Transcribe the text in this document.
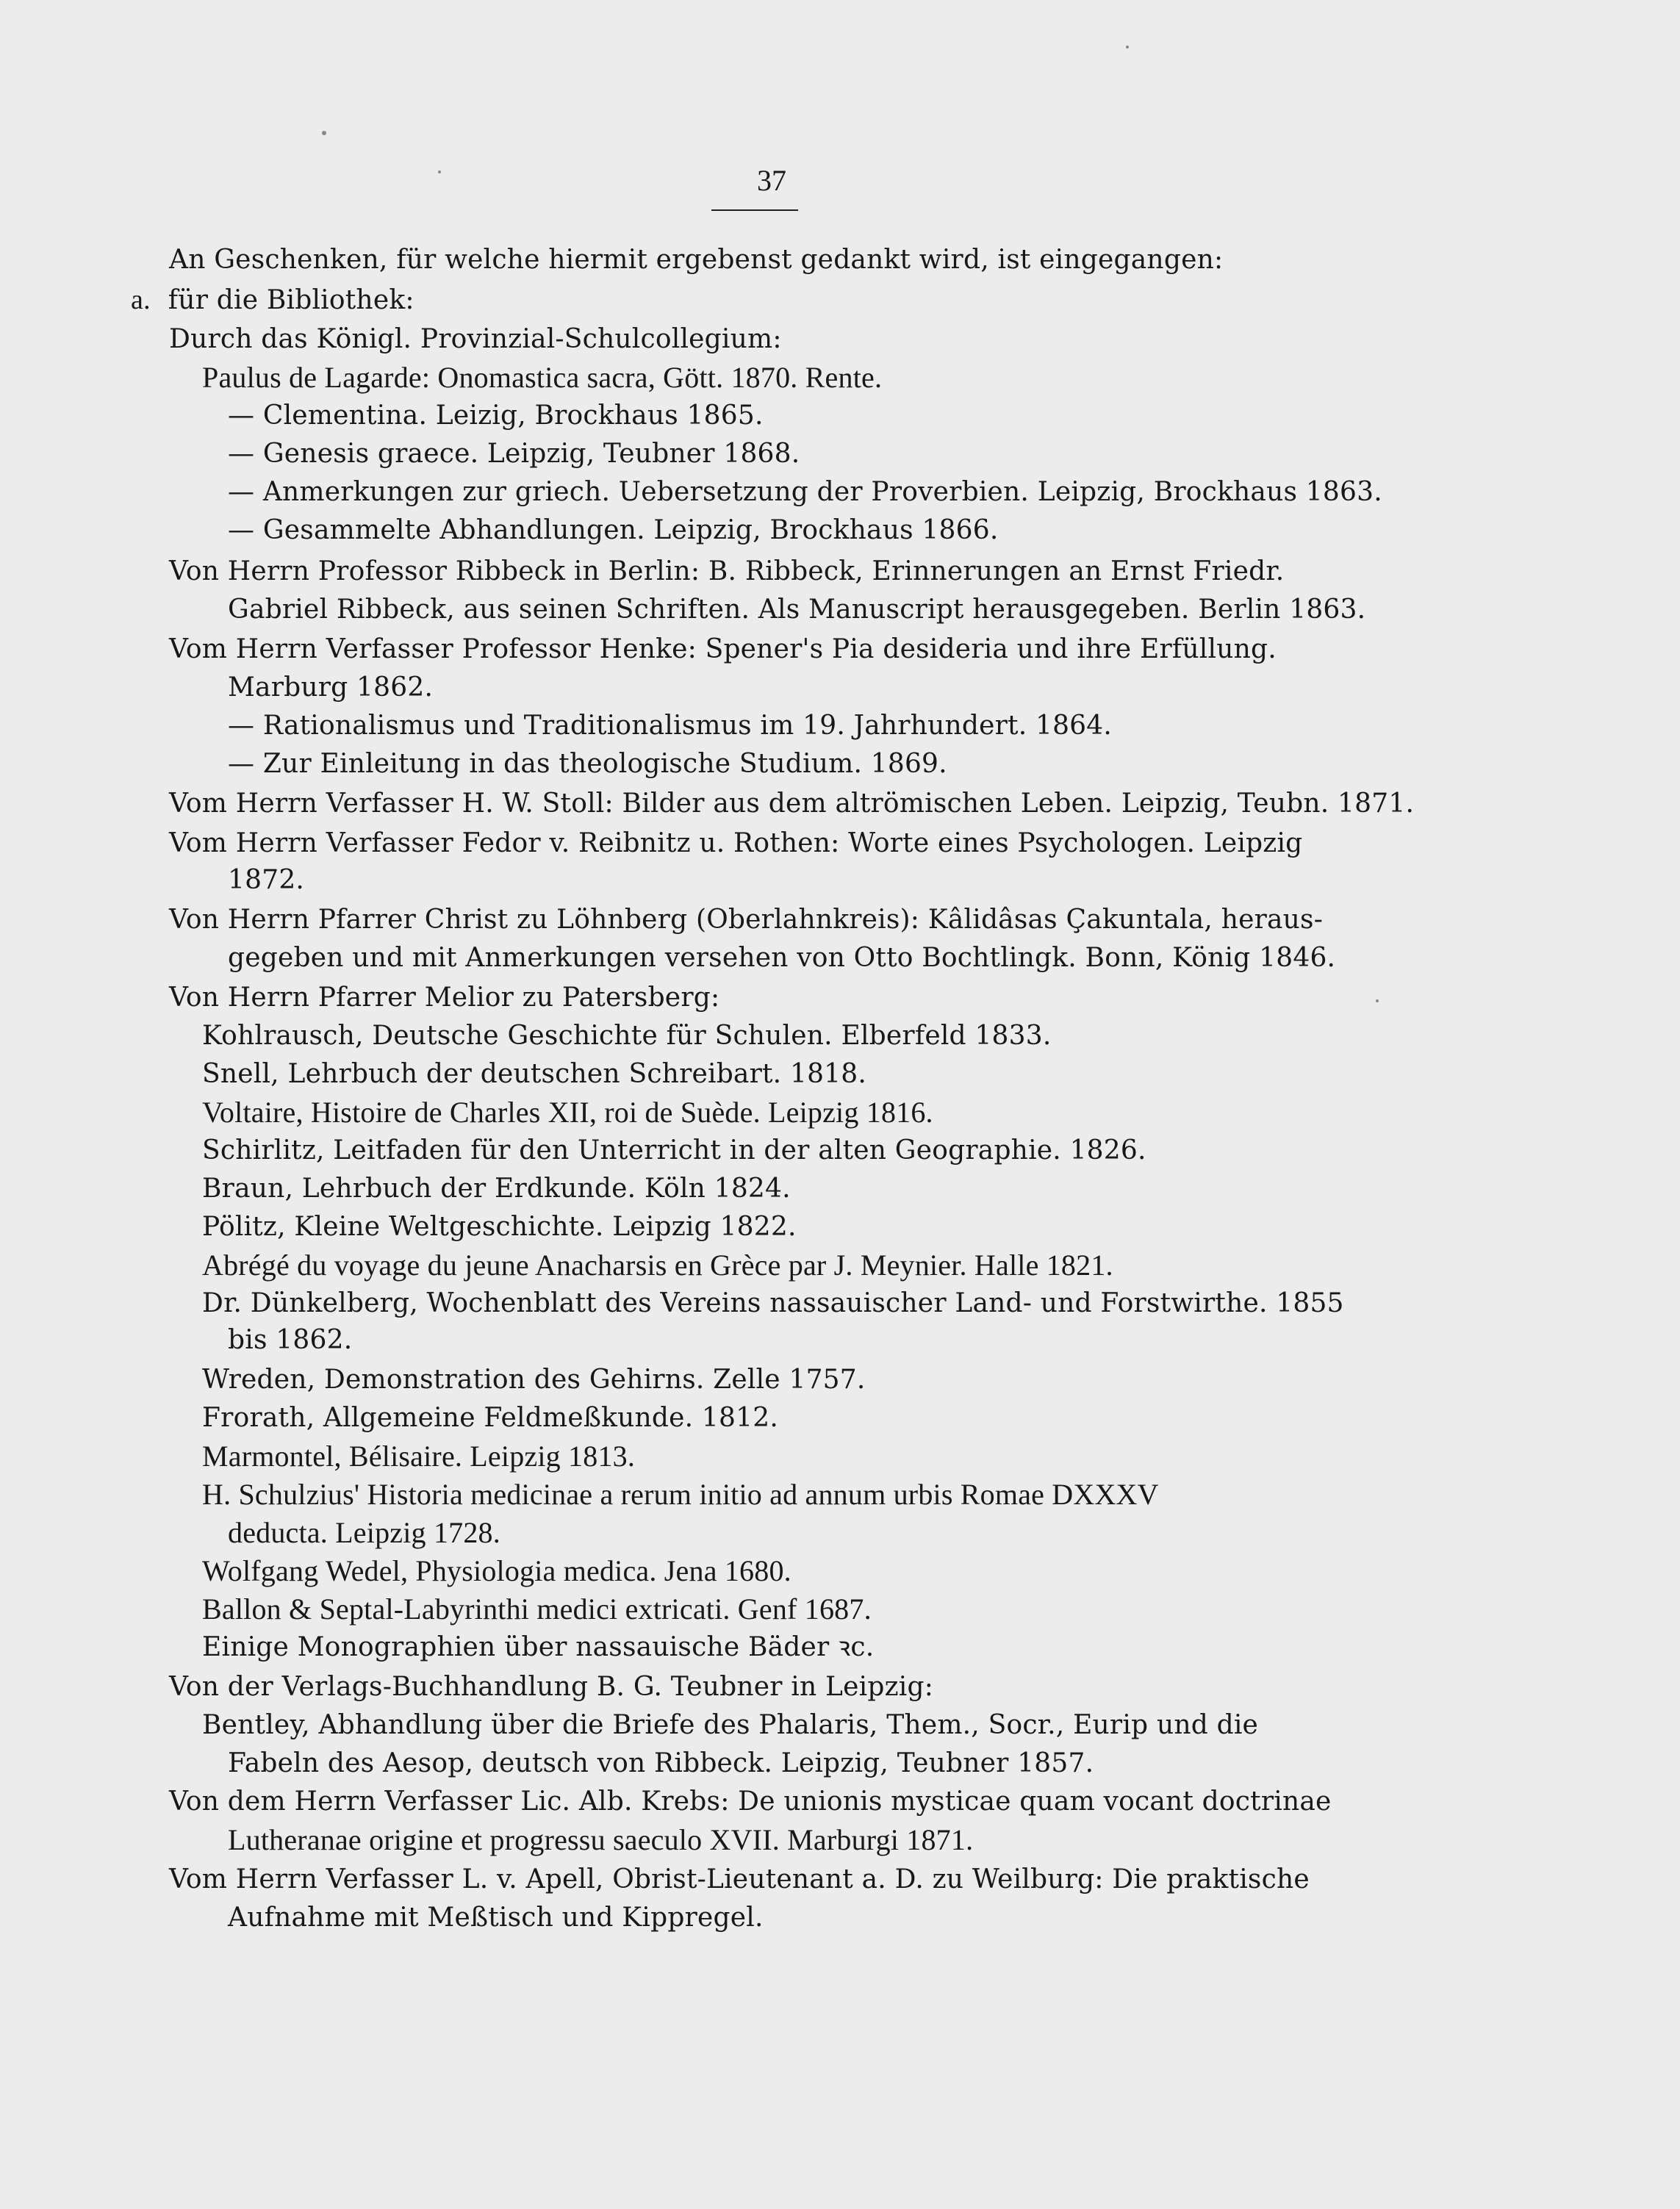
37
An Geschenken, für welche hiermit ergebenst gedankt wird, ist eingegangen:
a. für die Bibliothek:
Durch das Königl. Provinzial-Schulcollegium:
Paulus de Lagarde: Onomastica sacra, Gött. 1870. Rente.
— Clementina. Leizig, Brockhaus 1865.
— Genesis graece. Leipzig, Teubner 1868.
— Anmerkungen zur griech. Uebersetzung der Proverbien. Leipzig, Brockhaus 1863.
— Gesammelte Abhandlungen. Leipzig, Brockhaus 1866.
Von Herrn Professor Ribbeck in Berlin: B. Ribbeck, Erinnerungen an Ernst Friedr.
Gabriel Ribbeck, aus seinen Schriften. Als Manuscript herausgegeben. Berlin 1863.
Vom Herrn Verfasser Professor Henke: Spener's Pia desideria und ihre Erfüllung.
Marburg 1862.
— Rationalismus und Traditionalismus im 19. Jahrhundert. 1864.
— Zur Einleitung in das theologische Studium. 1869.
Vom Herrn Verfasser H. W. Stoll: Bilder aus dem altrömischen Leben. Leipzig, Teubn. 1871.
Vom Herrn Verfasser Fedor v. Reibnitz u. Rothen: Worte eines Psychologen. Leipzig
1872.
Von Herrn Pfarrer Christ zu Löhnberg (Oberlahnkreis): Kâlidâsas Çakuntala, heraus-
gegeben und mit Anmerkungen versehen von Otto Bochtlingk. Bonn, König 1846.
Von Herrn Pfarrer Melior zu Patersberg:
Kohlrausch, Deutsche Geschichte für Schulen. Elberfeld 1833.
Snell, Lehrbuch der deutschen Schreibart. 1818.
Voltaire, Histoire de Charles XII, roi de Suède. Leipzig 1816.
Schirlitz, Leitfaden für den Unterricht in der alten Geographie. 1826.
Braun, Lehrbuch der Erdkunde. Köln 1824.
Pölitz, Kleine Weltgeschichte. Leipzig 1822.
Abrégé du voyage du jeune Anacharsis en Grèce par J. Meynier. Halle 1821.
Dr. Dünkelberg, Wochenblatt des Vereins nassauischer Land- und Forstwirthe. 1855
bis 1862.
Wreden, Demonstration des Gehirns. Zelle 1757.
Frorath, Allgemeine Feldmeßkunde. 1812.
Marmontel, Bélisaire. Leipzig 1813.
H. Schulzius' Historia medicinae a rerum initio ad annum urbis Romae DXXXV
deducta. Leipzig 1728.
Wolfgang Wedel, Physiologia medica. Jena 1680.
Ballon & Septal-Labyrinthi medici extricati. Genf 1687.
Einige Monographien über nassauische Bäder ꝛc.
Von der Verlags-Buchhandlung B. G. Teubner in Leipzig:
Bentley, Abhandlung über die Briefe des Phalaris, Them., Socr., Eurip und die
Fabeln des Aesop, deutsch von Ribbeck. Leipzig, Teubner 1857.
Von dem Herrn Verfasser Lic. Alb. Krebs: De unionis mysticae quam vocant doctrinae
Lutheranae origine et progressu saeculo XVII. Marburgi 1871.
Vom Herrn Verfasser L. v. Apell, Obrist-Lieutenant a. D. zu Weilburg: Die praktische
Aufnahme mit Meßtisch und Kippregel.
